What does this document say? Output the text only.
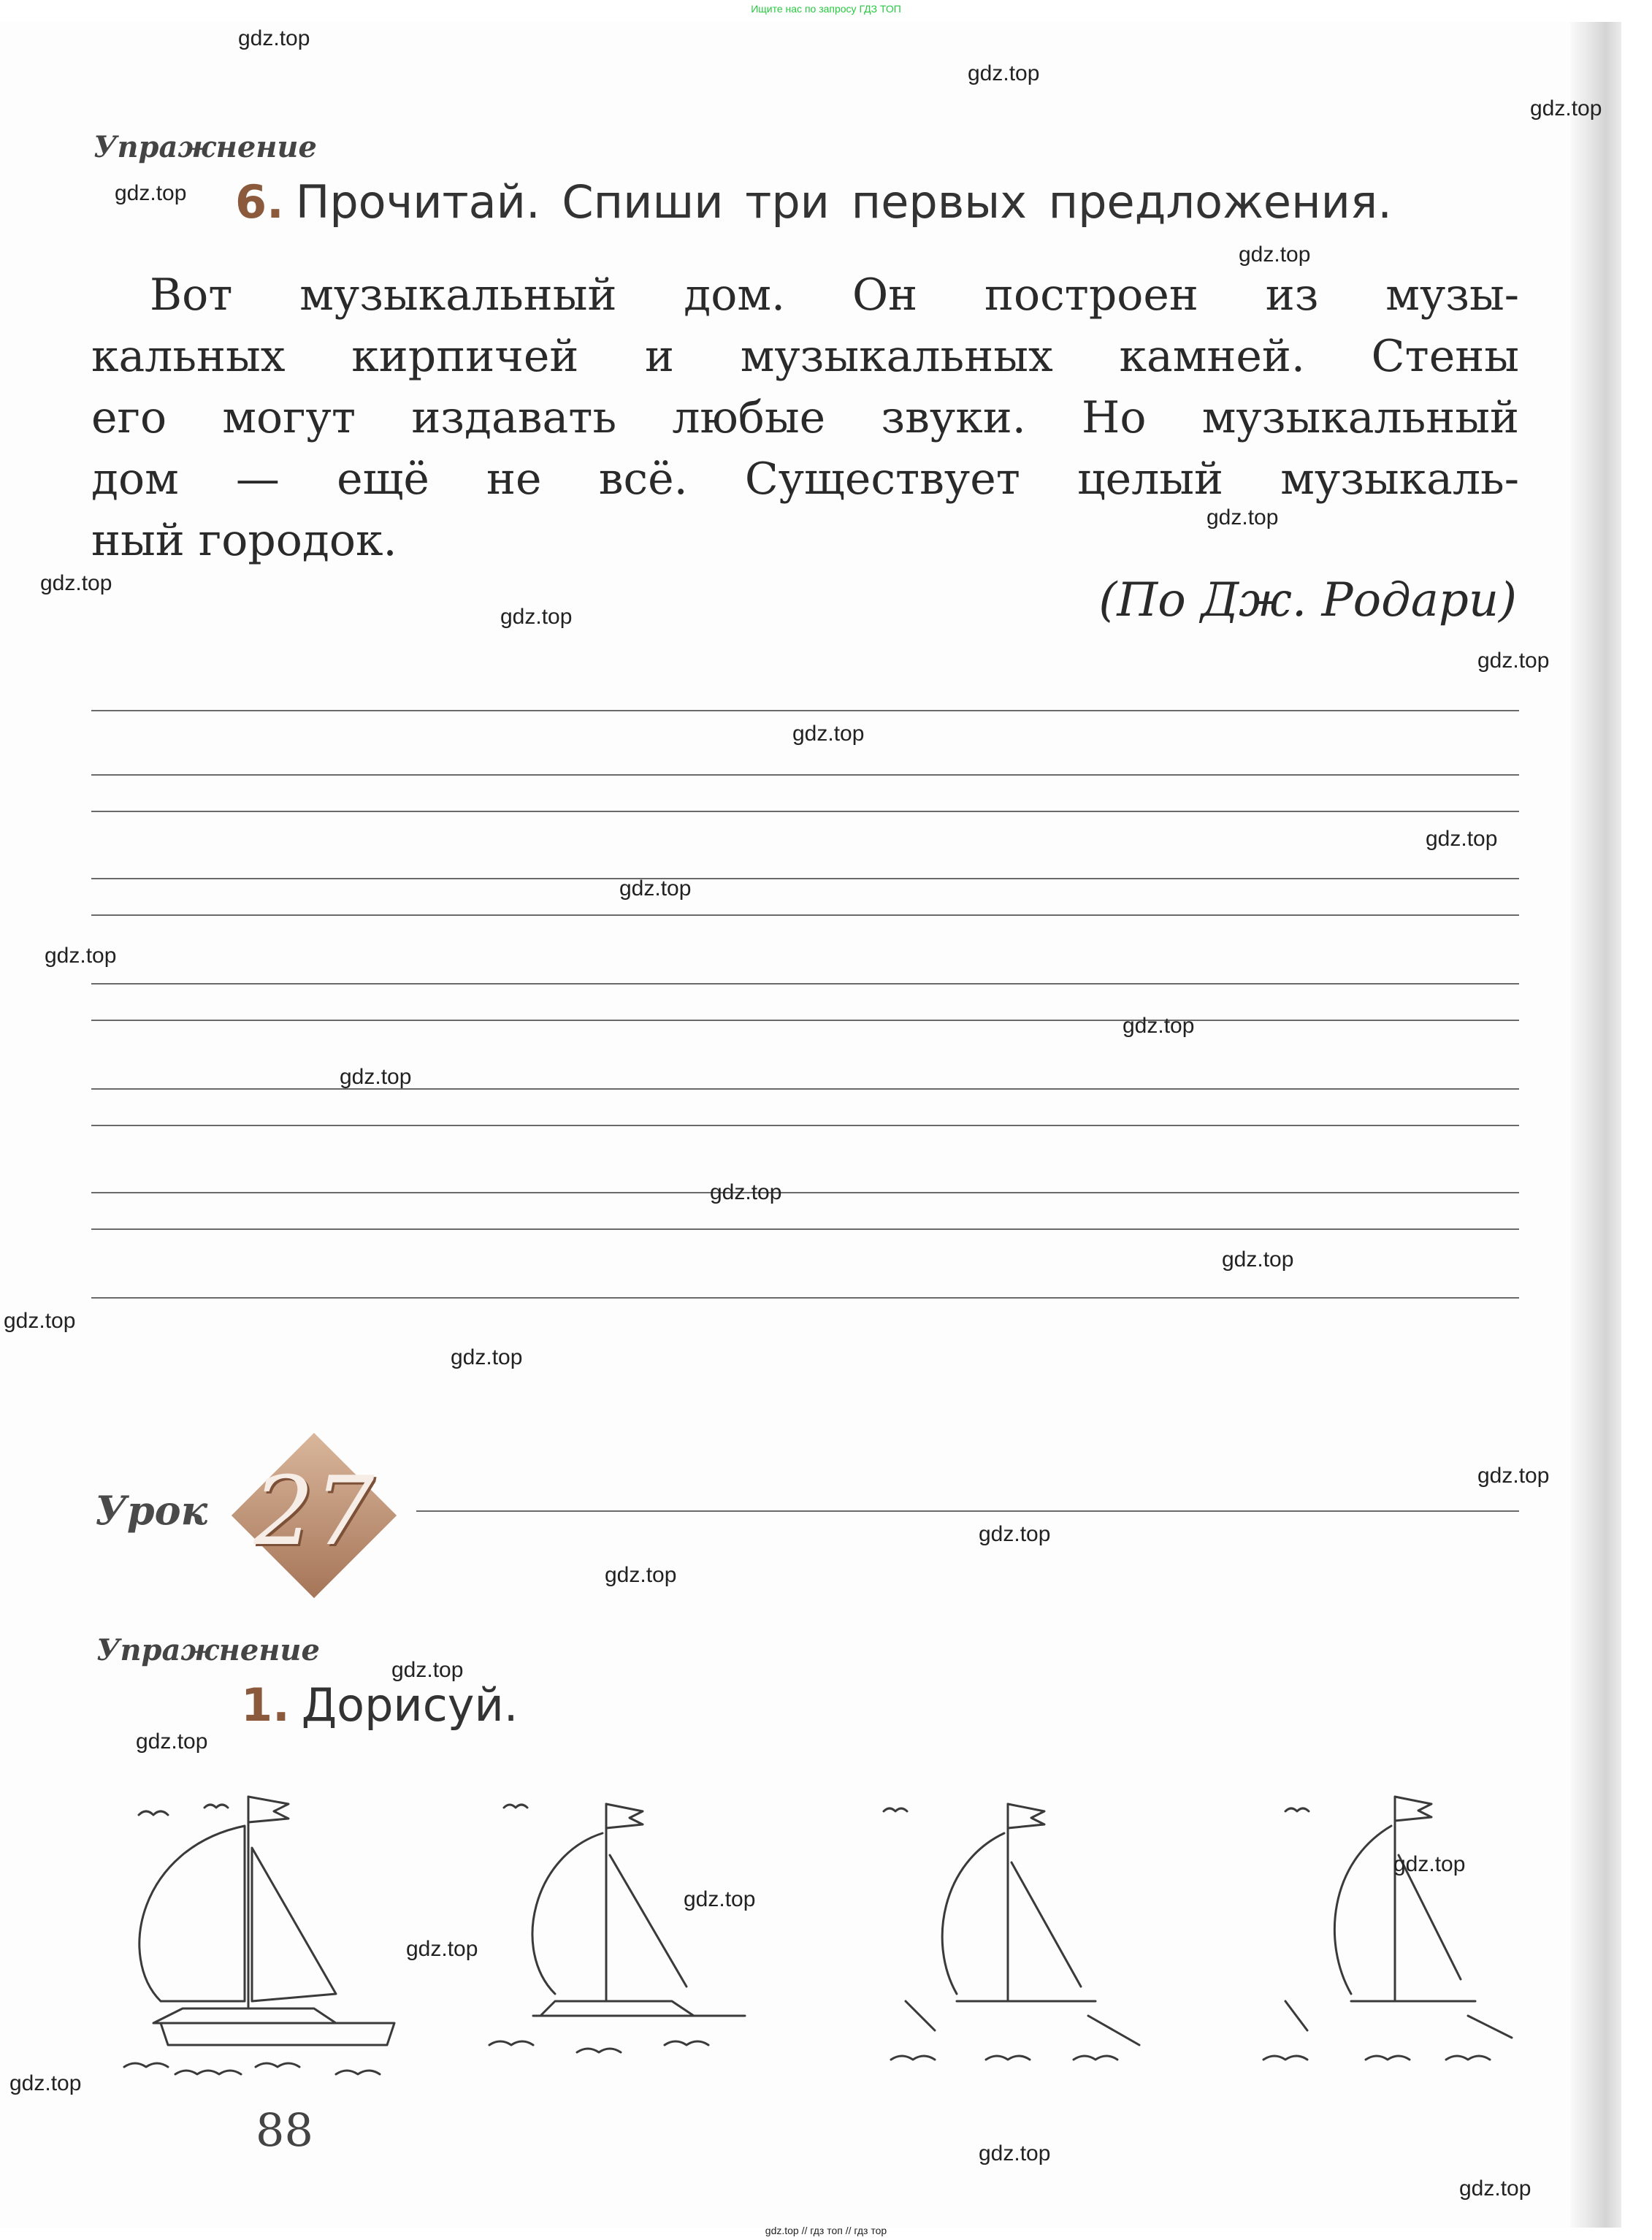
Ищите нас по запросу ГДЗ ТОП
Упражнение
6. Прочитай. Спиши три первых предложения.
Вот музыкальный дом. Он построен из музы-
кальных кирпичей и музыкальных камней. Стены
его могут издавать любые звуки. Но музыкальный
дом — ещё не всё. Существует целый музыкаль-
ный городок.
(По Дж. Родари)
Урок 27
Упражнение
1. Дорисуй.
88
gdz.top
gdz.top
gdz.top
gdz.top
gdz.top
gdz.top
gdz.top
gdz.top
gdz.top
gdz.top
gdz.top
gdz.top
gdz.top
gdz.top
gdz.top
gdz.top
gdz.top
gdz.top
gdz.top
gdz.top
gdz.top
gdz.top
gdz.top
gdz.top
gdz.top
gdz.top
gdz.top
gdz.top
gdz.top
gdz.top
gdz.top // гдз топ // гдз тор
